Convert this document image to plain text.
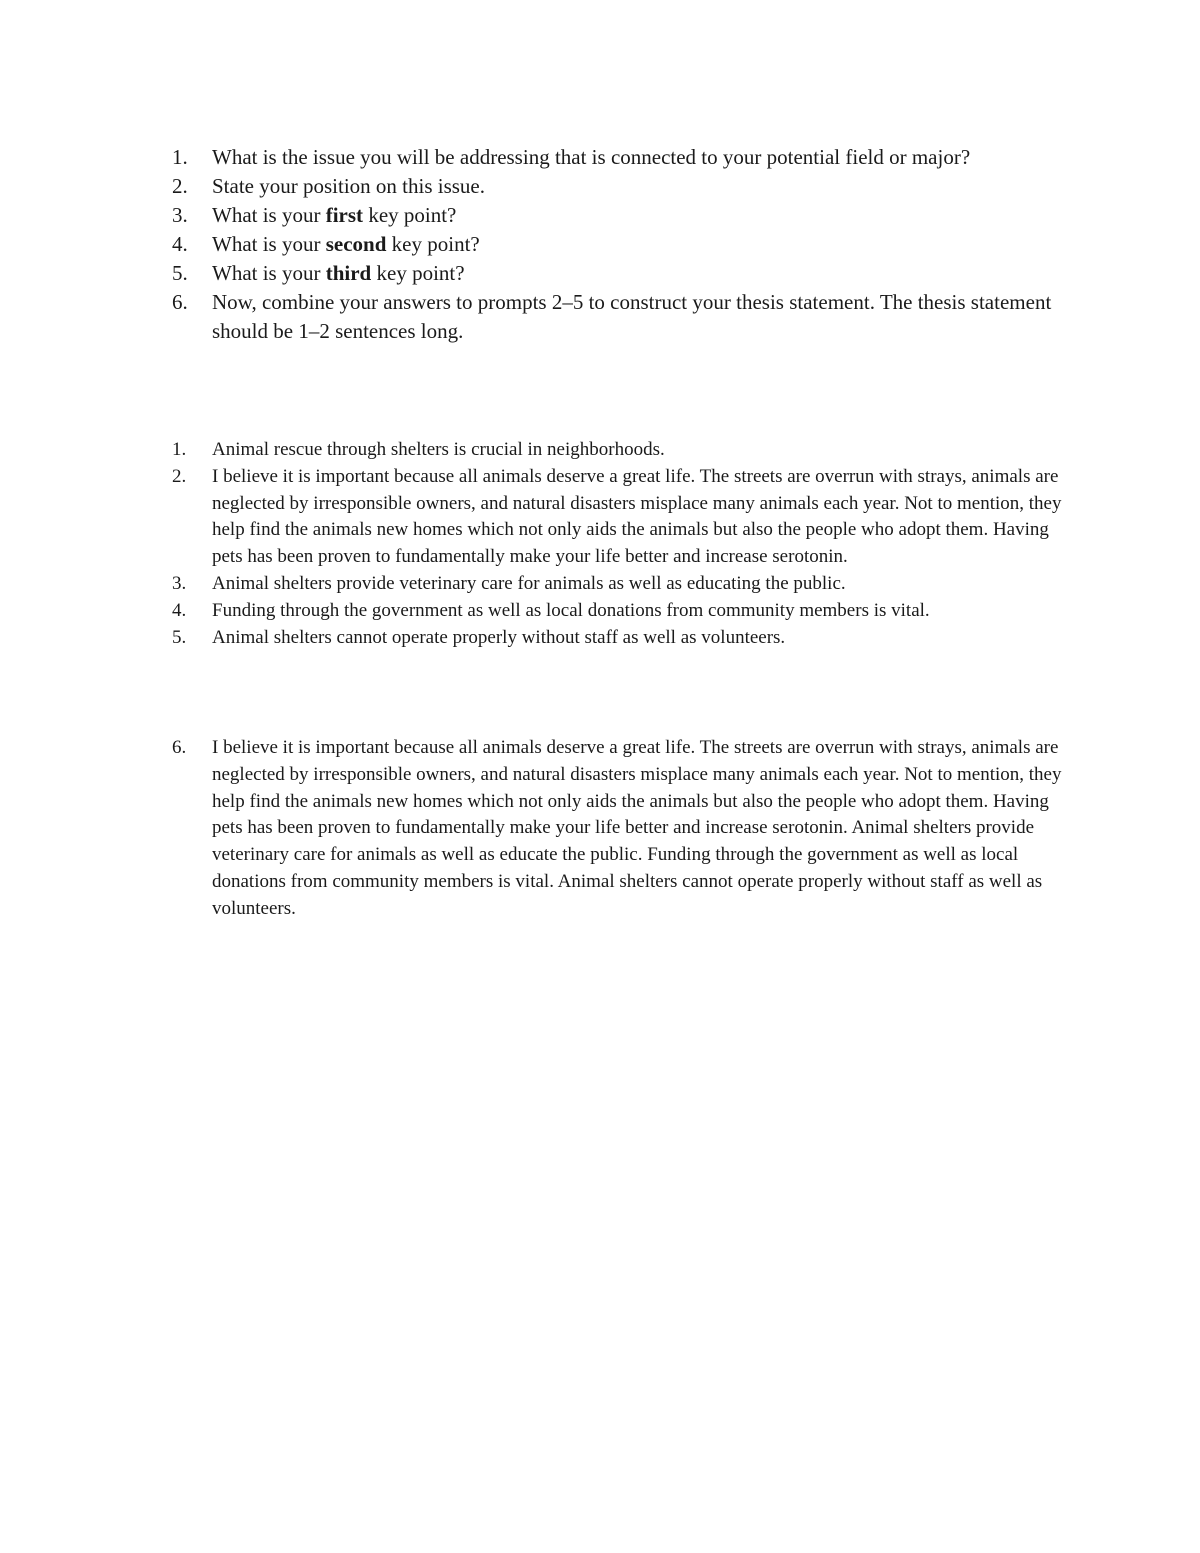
1.	What is the issue you will be addressing that is connected to your potential field or major?
2.	State your position on this issue.
3.	What is your first key point?
4.	What is your second key point?
5.	What is your third key point?
6.	Now, combine your answers to prompts 2–5 to construct your thesis statement. The thesis statement should be 1–2 sentences long.
1.	Animal rescue through shelters is crucial in neighborhoods.
2.	I believe it is important because all animals deserve a great life. The streets are overrun with strays, animals are neglected by irresponsible owners, and natural disasters misplace many animals each year. Not to mention, they help find the animals new homes which not only aids the animals but also the people who adopt them. Having pets has been proven to fundamentally make your life better and increase serotonin.
3.	Animal shelters provide veterinary care for animals as well as educating the public.
4.	Funding through the government as well as local donations from community members is vital.
5.	Animal shelters cannot operate properly without staff as well as volunteers.
6.	I believe it is important because all animals deserve a great life. The streets are overrun with strays, animals are neglected by irresponsible owners, and natural disasters misplace many animals each year. Not to mention, they help find the animals new homes which not only aids the animals but also the people who adopt them. Having pets has been proven to fundamentally make your life better and increase serotonin. Animal shelters provide veterinary care for animals as well as educate the public. Funding through the government as well as local donations from community members is vital. Animal shelters cannot operate properly without staff as well as volunteers.
